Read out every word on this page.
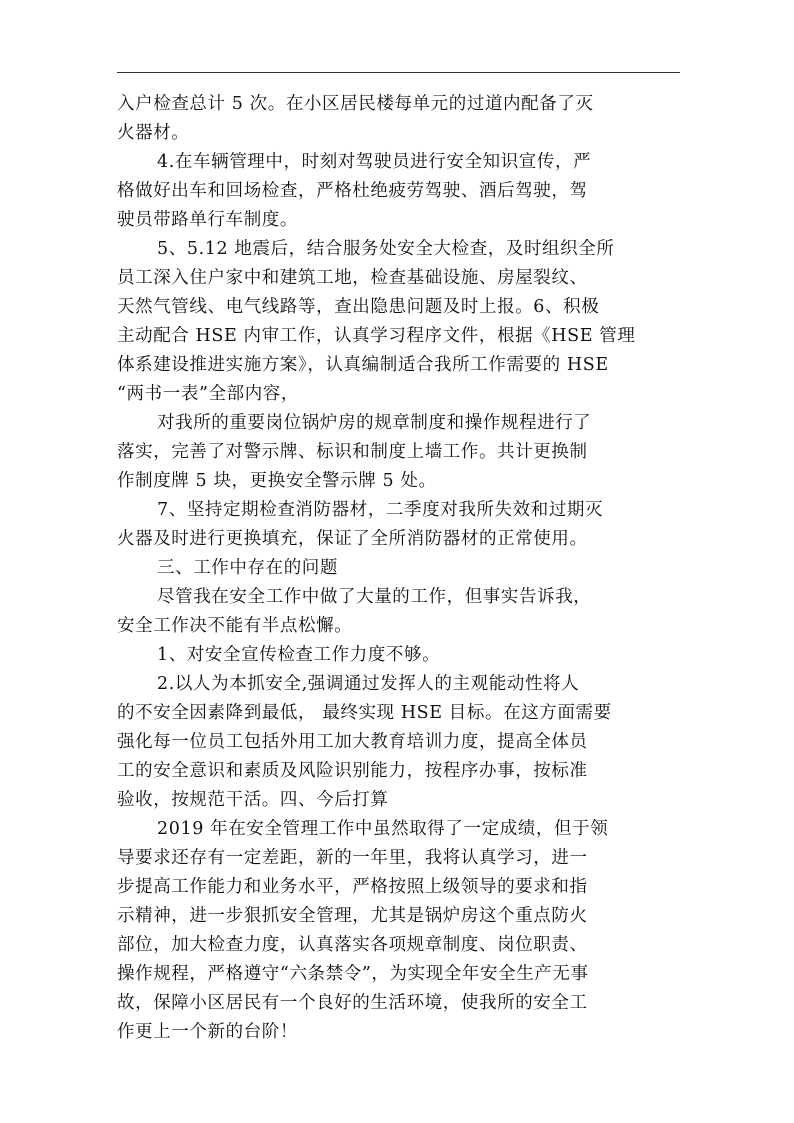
入户检查总计 5 次。在小区居民楼每单元的过道内配备了灭
火器材。
4.在车辆管理中，时刻对驾驶员进行安全知识宣传，严
格做好出车和回场检查，严格杜绝疲劳驾驶、酒后驾驶，驾
驶员带路单行车制度。
5、5.12 地震后，结合服务处安全大检查，及时组织全所
员工深入住户家中和建筑工地，检查基础设施、房屋裂纹、
天然气管线、电气线路等，查出隐患问题及时上报。6、积极
主动配合 HSE 内审工作，认真学习程序文件，根据《HSE 管理
体系建设推进实施方案》，认真编制适合我所工作需要的 HSE
“两书一表”全部内容，
对我所的重要岗位锅炉房的规章制度和操作规程进行了
落实，完善了对警示牌、标识和制度上墙工作。共计更换制
作制度牌 5 块，更换安全警示牌 5 处。
7、坚持定期检查消防器材，二季度对我所失效和过期灭
火器及时进行更换填充，保证了全所消防器材的正常使用。
三、工作中存在的问题
尽管我在安全工作中做了大量的工作，但事实告诉我，
安全工作决不能有半点松懈。
1、对安全宣传检查工作力度不够。
2.以人为本抓安全,强调通过发挥人的主观能动性将人
的不安全因素降到最低， 最终实现 HSE 目标。在这方面需要
强化每一位员工包括外用工加大教育培训力度，提高全体员
工的安全意识和素质及风险识别能力，按程序办事，按标准
验收，按规范干活。四、今后打算
2019 年在安全管理工作中虽然取得了一定成绩，但于领
导要求还存有一定差距，新的一年里，我将认真学习，进一
步提高工作能力和业务水平，严格按照上级领导的要求和指
示精神，进一步狠抓安全管理，尤其是锅炉房这个重点防火
部位，加大检查力度，认真落实各项规章制度、岗位职责、
操作规程，严格遵守“六条禁令”，为实现全年安全生产无事
故，保障小区居民有一个良好的生活环境，使我所的安全工
作更上一个新的台阶！
